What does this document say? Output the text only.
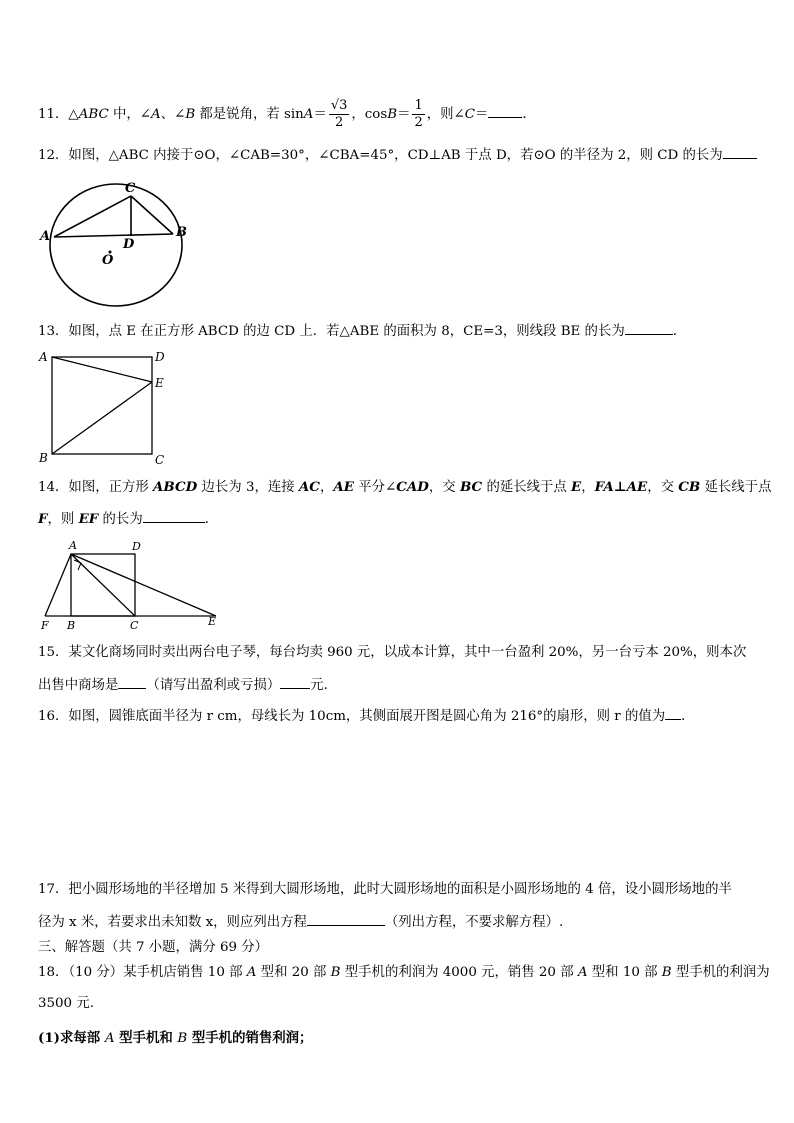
11．△ABC 中，∠A、∠B 都是锐角，若 $\sin A= \frac{√3}{2}$ ，$\cos B= \frac{1}{2}$ ，则∠C＝	．
12．如图，△ABC 内接于⊙O，∠CAB=30°，∠CBA=45°，CD⊥AB 于点 D，若⊙O 的半径为 2，则 CD 的长为
A	B
C
D
O
13．如图，点 E 在正方形 ABCD 的边 CD 上．若△ABE 的面积为 8，CE=3，则线段 BE 的长为	．
A	D
E
B	C
14．如图，正方形 ABCD 边长为 3，连接 AC，AE 平分∠CAD，交 BC 的延长线于点 E，FA⊥AE，交 CB 延长线于点
F，则 EF 的长为	．
A	D
F B	C	E
15．某文化商场同时卖出两台电子琴，每台均卖 960 元，以成本计算，其中一台盈利 20%，另一台亏本 20%，则本次
出售中商场是 （请写出盈利或亏损） 元.
16．如图，圆锥底面半径为 r cm，母线长为 10cm，其侧面展开图是圆心角为 216°的扇形，则 r 的值为 ．
17．把小圆形场地的半径增加 5 米得到大圆形场地，此时大圆形场地的面积是小圆形场地的 4 倍，设小圆形场地的半
径为 x 米，若要求出未知数 x，则应列出方程	（列出方程，不要求解方程）.
三、解答题（共 7 小题，满分 69 分）
18．（10 分）某手机店销售 10 部 A 型和 20 部 B 型手机的利润为 4000 元，销售 20 部 A 型和 10 部 B 型手机的利润为
3500 元.
(1)求每部 A 型手机和 B 型手机的销售利润；
